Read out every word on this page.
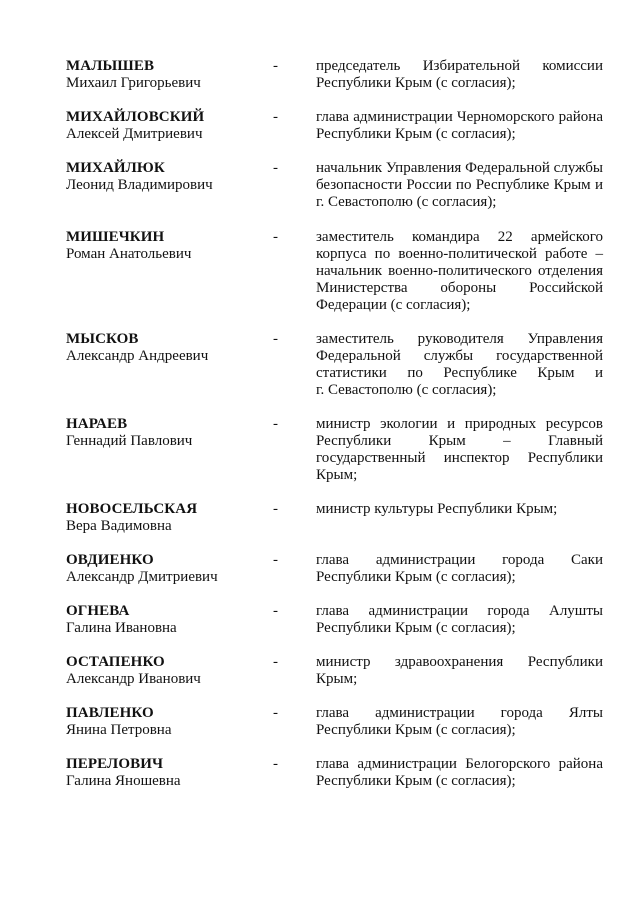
МАЛЫШЕВ
Михаил Григорьевич
-	председатель Избирательной комиссии
Республики Крым (с согласия);
МИХАЙЛОВСКИЙ
Алексей Дмитриевич
-	глава администрации Черноморского района
Республики Крым (с согласия);
МИХАЙЛЮК
Леонид Владимирович
-	начальник Управления Федеральной службы
безопасности России по Республике Крым и
г. Севастополю (с согласия);
МИШЕЧКИН
Роман Анатольевич
-	заместитель командира 22 армейского
корпуса по военно-политической работе –
начальник военно-политического отделения
Министерства обороны Российской
Федерации (с согласия);
МЫСКОВ
Александр Андреевич
-	заместитель руководителя Управления
Федеральной службы государственной
статистики по Республике Крым и
г. Севастополю (с согласия);
НАРАЕВ
Геннадий Павлович
-	министр экологии и природных ресурсов
Республики Крым – Главный
государственный инспектор Республики
Крым;
НОВОСЕЛЬСКАЯ
Вера Вадимовна
-	министр культуры Республики Крым;
ОВДИЕНКО
Александр Дмитриевич
-	глава администрации города Саки
Республики Крым (с согласия);
ОГНЕВА
Галина Ивановна
-	глава администрации города Алушты
Республики Крым (с согласия);
ОСТАПЕНКО
Александр Иванович
-	министр здравоохранения Республики
Крым;
ПАВЛЕНКО
Янина Петровна
-	глава администрации города Ялты
Республики Крым (с согласия);
ПЕРЕЛОВИЧ
Галина Яношевна
-	глава администрации Белогорского района
Республики Крым (с согласия);
